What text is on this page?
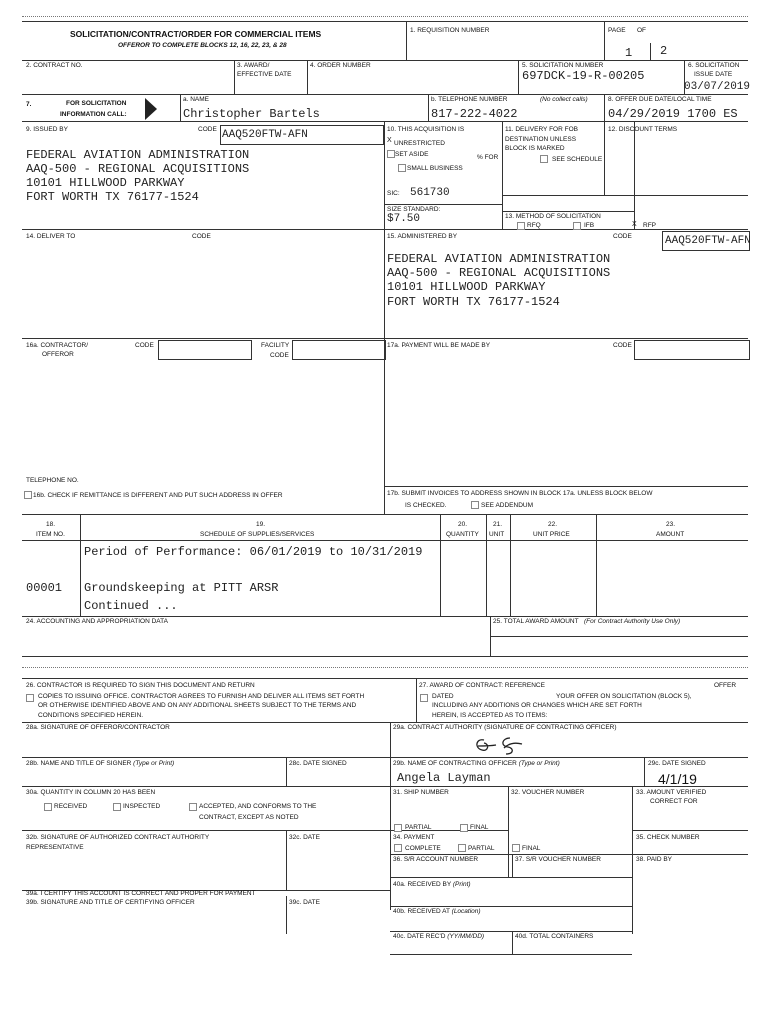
SOLICITATION/CONTRACT/ORDER FOR COMMERCIAL ITEMS
OFFEROR TO COMPLETE BLOCKS 12, 16, 22, 23, & 28
1. REQUISITION NUMBER	PAGE OF
1 2
2. CONTRACT NO.	3. AWARD/
EFFECTIVE DATE
4. ORDER NUMBER	5. SOLICITATION NUMBER
697DCK-19-R-00205
6. SOLICITATION
ISSUE DATE
03/07/2019
7.	FOR SOLICITATION
INFORMATION CALL:
a. NAME
Christopher Bartels
b. TELEPHONE NUMBER	(No collect calls)
817-222-4022
8. OFFER DUE DATE/LOCAL TIME
04/29/2019 1700 ES
9. ISSUED BY	CODE AAQ520FTW-AFN
FEDERAL AVIATION ADMINISTRATION
AAQ-500 - REGIONAL ACQUISITIONS
10101 HILLWOOD PARKWAY
FORT WORTH TX 76177-1524
10. THIS ACQUISITION IS
X UNRESTRICTED
SET ASIDE	% FOR
SMALL BUSINESS
SIC: 561730
SIZE STANDARD:
$7.50
11. DELIVERY FOR FOB
DESTINATION UNLESS
BLOCK IS MARKED
SEE SCHEDULE
12. DISCOUNT TERMS
13. METHOD OF SOLICITATION
RFQ	IFB	X RFP
14. DELIVER TO	CODE	15. ADMINISTERED BY	CODE	AAQ520FTW-AFN
FEDERAL AVIATION ADMINISTRATION
AAQ-500 - REGIONAL ACQUISITIONS
10101 HILLWOOD PARKWAY
FORT WORTH TX 76177-1524
16a. CONTRACTOR/
OFFEROR
CODE	FACILITY
CODE
TELEPHONE NO.
16b. CHECK IF REMITTANCE IS DIFFERENT AND PUT SUCH ADDRESS IN OFFER
17a. PAYMENT WILL BE MADE BY	CODE
17b. SUBMIT INVOICES TO ADDRESS SHOWN IN BLOCK 17a. UNLESS BLOCK BELOW
IS CHECKED.	SEE ADDENDUM
18.
ITEM NO.
19.
SCHEDULE OF SUPPLIES/SERVICES
20.
QUANTITY
21.
UNIT
22.
UNIT PRICE
23.
AMOUNT
Period of Performance: 06/01/2019 to 10/31/2019
00001 Groundskeeping at PITT ARSR
Continued ...
24. ACCOUNTING AND APPROPRIATION DATA	25. TOTAL AWARD AMOUNT (For Contract Authority Use Only)
26. CONTRACTOR IS REQUIRED TO SIGN THIS DOCUMENT AND RETURN
COPIES TO ISSUING OFFICE. CONTRACTOR AGREES TO FURNISH AND DELIVER ALL ITEMS SET FORTH
OR OTHERWISE IDENTIFIED ABOVE AND ON ANY ADDITIONAL SHEETS SUBJECT TO THE TERMS AND
CONDITIONS SPECIFIED HEREIN.
27. AWARD OF CONTRACT: REFERENCE	OFFER
DATED	YOUR OFFER ON SOLICITATION (BLOCK 5),
INCLUDING ANY ADDITIONS OR CHANGES WHICH ARE SET FORTH
HEREIN, IS ACCEPTED AS TO ITEMS:
28a. SIGNATURE OF OFFEROR/CONTRACTOR	29a. CONTRACT AUTHORITY (SIGNATURE OF CONTRACTING OFFICER)
28b. NAME AND TITLE OF SIGNER (Type or Print)	28c. DATE SIGNED	29b. NAME OF CONTRACTING OFFICER (Type or Print)
Angela Layman
29c. DATE SIGNED
4/1/19
30a. QUANTITY IN COLUMN 20 HAS BEEN
RECEIVED	INSPECTED	ACCEPTED, AND CONFORMS TO THE
CONTRACT, EXCEPT AS NOTED
31. SHIP NUMBER
PARTIAL	FINAL
32. VOUCHER NUMBER	33. AMOUNT VERIFIED
CORRECT FOR
32b. SIGNATURE OF AUTHORIZED CONTRACT AUTHORITY
REPRESENTATIVE
32c. DATE	34. PAYMENT
COMPLETE	PARTIAL	FINAL
35. CHECK NUMBER
36. S/R ACCOUNT NUMBER	37. S/R VOUCHER NUMBER	38. PAID BY
39a. I CERTIFY THIS ACCOUNT IS CORRECT AND PROPER FOR PAYMENT
39b. SIGNATURE AND TITLE OF CERTIFYING OFFICER	39c. DATE
40a. RECEIVED BY (Print)
40b. RECEIVED AT (Location)
40c. DATE REC'D (YY/MM/DD)	40d. TOTAL CONTAINERS
